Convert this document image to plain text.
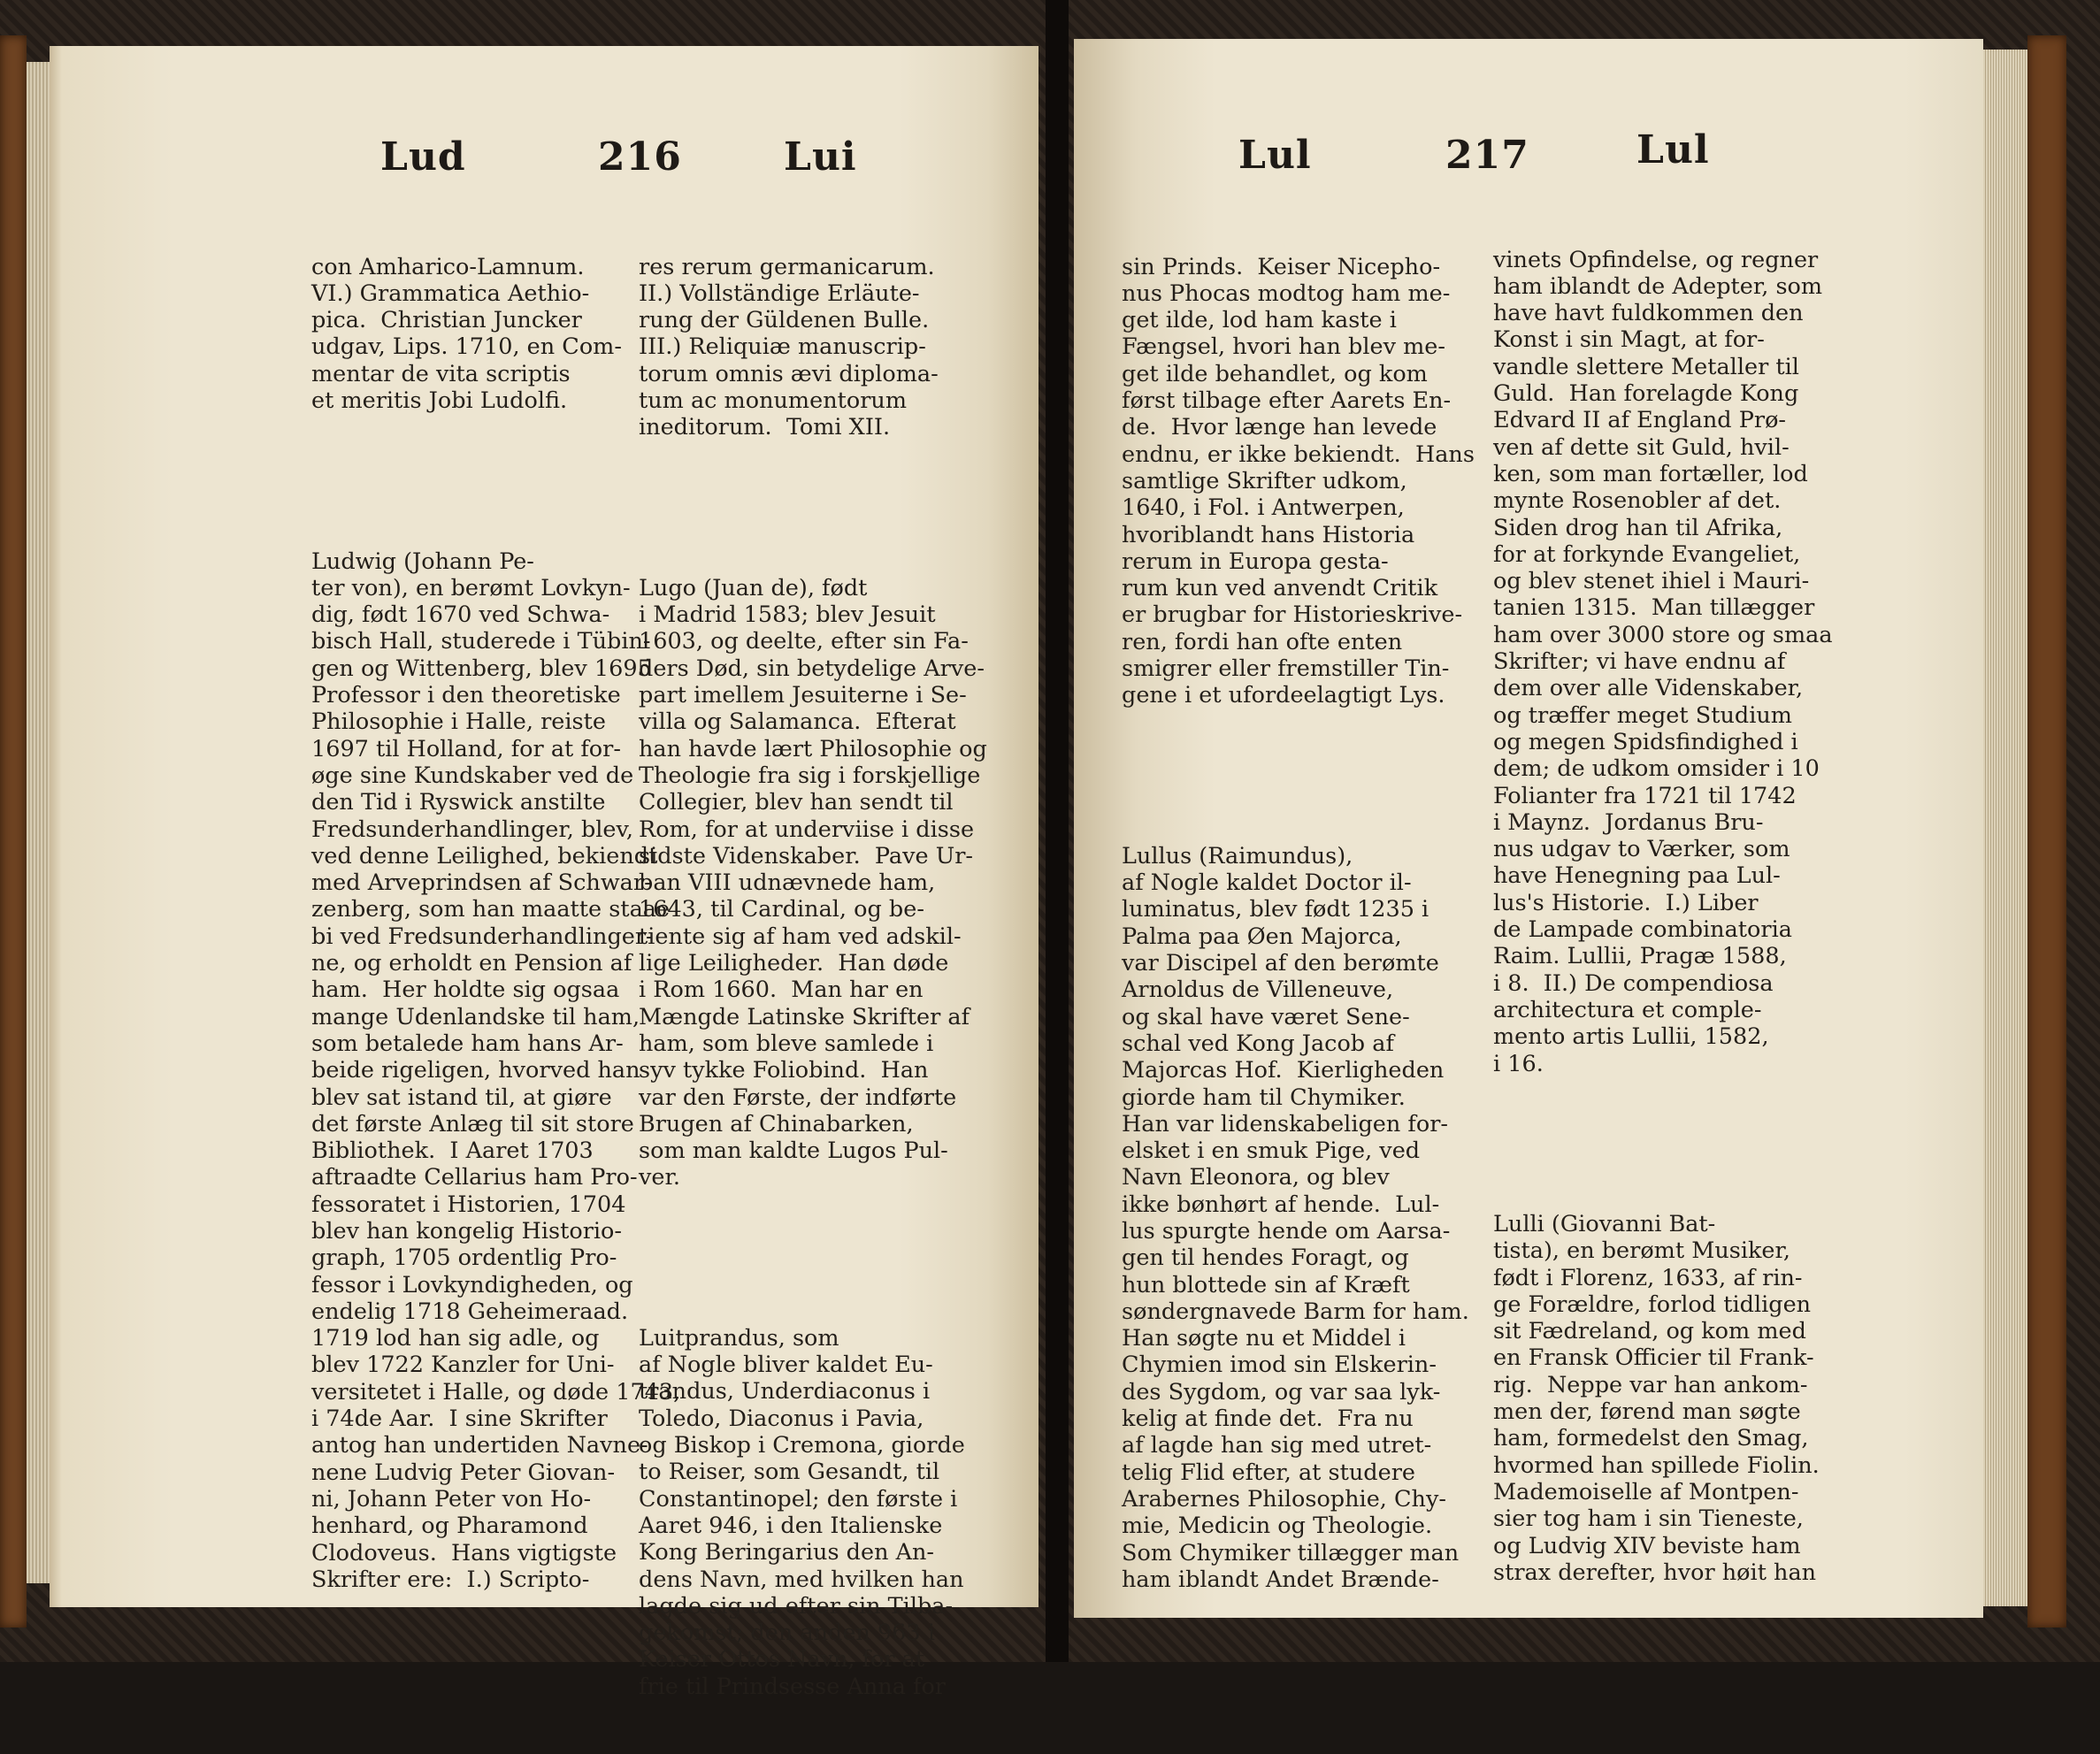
Lud	216	Lui

con Amharico-Lamnum.
VI.) Grammatica Aethio-
pica.  Christian Juncker
udgav, Lips. 1710, en Com-
mentar de vita scriptis
et meritis Jobi Ludolfi.

Ludwig (Johann Pe-
ter von), en berømt Lovkyn-
dig, født 1670 ved Schwa-
bisch Hall, studerede i Tübin-
gen og Wittenberg, blev 1695
Professor i den theoretiske
Philosophie i Halle, reiste
1697 til Holland, for at for-
øge sine Kundskaber ved de
den Tid i Ryswick anstilte
Fredsunderhandlinger, blev,
ved denne Leilighed, bekiendt
med Arveprindsen af Schwar-
zenberg, som han maatte staae
bi ved Fredsunderhandlinger-
ne, og erholdt en Pension af
ham.  Her holdte sig ogsaa
mange Udenlandske til ham,
som betalede ham hans Ar-
beide rigeligen, hvorved han
blev sat istand til, at giøre
det første Anlæg til sit store
Bibliothek.  I Aaret 1703
aftraadte Cellarius ham Pro-
fessoratet i Historien, 1704
blev han kongelig Historio-
graph, 1705 ordentlig Pro-
fessor i Lovkyndigheden, og
endelig 1718 Geheimeraad.
1719 lod han sig adle, og
blev 1722 Kanzler for Uni-
versitetet i Halle, og døde 1743,
i 74de Aar.  I sine Skrifter
antog han undertiden Navne-
nene Ludvig Peter Giovan-
ni, Johann Peter von Ho-
henhard, og Pharamond
Clodoveus.  Hans vigtigste
Skrifter ere:  I.) Scripto-

res rerum germanicarum.
II.) Vollständige Erläute-
rung der Güldenen Bulle.
III.) Reliquiæ manuscrip-
torum omnis ævi diploma-
tum ac monumentorum
ineditorum.  Tomi XII.

Lugo (Juan de), født
i Madrid 1583; blev Jesuit
1603, og deelte, efter sin Fa-
ders Død, sin betydelige Arve-
part imellem Jesuiterne i Se-
villa og Salamanca.  Efterat
han havde lært Philosophie og
Theologie fra sig i forskjellige
Collegier, blev han sendt til
Rom, for at underviise i disse
sidste Videnskaber.  Pave Ur-
ban VIII udnævnede ham,
1643, til Cardinal, og be-
tiente sig af ham ved adskil-
lige Leiligheder.  Han døde
i Rom 1660.  Man har en
Mængde Latinske Skrifter af
ham, som bleve samlede i
syv tykke Foliobind.  Han
var den Første, der indførte
Brugen af Chinabarken,
som man kaldte Lugos Pul-
ver.

Luitprandus, som
af Nogle bliver kaldet Eu-
trandus, Underdiaconus i
Toledo, Diaconus i Pavia,
og Biskop i Cremona, giorde
to Reiser, som Gesandt, til
Constantinopel; den første i
Aaret 946, i den Italienske
Kong Beringarius den An-
dens Navn, med hvilken han
lagde sig ud efter sin Tilba-
gekomst; den anden 963 i
Keiser Ottos Navn, for at
frie til Prindsesse Anna for

Lul	217	Lul

sin Prinds.  Keiser Nicepho-
nus Phocas modtog ham me-
get ilde, lod ham kaste i
Fængsel, hvori han blev me-
get ilde behandlet, og kom
først tilbage efter Aarets En-
de.  Hvor længe han levede
endnu, er ikke bekiendt.  Hans
samtlige Skrifter udkom,
1640, i Fol. i Antwerpen,
hvoriblandt hans Historia
rerum in Europa gesta-
rum kun ved anvendt Critik
er brugbar for Historieskrive-
ren, fordi han ofte enten
smigrer eller fremstiller Tin-
gene i et ufordeelagtigt Lys.

Lullus (Raimundus),
af Nogle kaldet Doctor il-
luminatus, blev født 1235 i
Palma paa Øen Majorca,
var Discipel af den berømte
Arnoldus de Villeneuve,
og skal have været Sene-
schal ved Kong Jacob af
Majorcas Hof.  Kierligheden
giorde ham til Chymiker.
Han var lidenskabeligen for-
elsket i en smuk Pige, ved
Navn Eleonora, og blev
ikke bønhørt af hende.  Lul-
lus spurgte hende om Aarsa-
gen til hendes Foragt, og
hun blottede sin af Kræft
søndergnavede Barm for ham.
Han søgte nu et Middel i
Chymien imod sin Elskerin-
des Sygdom, og var saa lyk-
kelig at finde det.  Fra nu
af lagde han sig med utret-
telig Flid efter, at studere
Arabernes Philosophie, Chy-
mie, Medicin og Theologie.
Som Chymiker tillægger man
ham iblandt Andet Brænde-

vinets Opfindelse, og regner
ham iblandt de Adepter, som
have havt fuldkommen den
Konst i sin Magt, at for-
vandle slettere Metaller til
Guld.  Han forelagde Kong
Edvard II af England Prø-
ven af dette sit Guld, hvil-
ken, som man fortæller, lod
mynte Rosenobler af det.
Siden drog han til Afrika,
for at forkynde Evangeliet,
og blev stenet ihiel i Mauri-
tanien 1315.  Man tillægger
ham over 3000 store og smaa
Skrifter; vi have endnu af
dem over alle Videnskaber,
og træffer meget Studium
og megen Spidsfindighed i
dem; de udkom omsider i 10
Folianter fra 1721 til 1742
i Maynz.  Jordanus Bru-
nus udgav to Værker, som
have Henegning paa Lul-
lus's Historie.  I.) Liber
de Lampade combinatoria
Raim. Lullii, Pragæ 1588,
i 8.  II.) De compendiosa
architectura et comple-
mento artis Lullii, 1582,
i 16.

Lulli (Giovanni Bat-
tista), en berømt Musiker,
født i Florenz, 1633, af rin-
ge Forældre, forlod tidligen
sit Fædreland, og kom med
en Fransk Officier til Frank-
rig.  Neppe var han ankom-
men der, førend man søgte
ham, formedelst den Smag,
hvormed han spillede Fiolin.
Mademoiselle af Montpen-
sier tog ham i sin Tieneste,
og Ludvig XIV beviste ham
strax derefter, hvor høit han
